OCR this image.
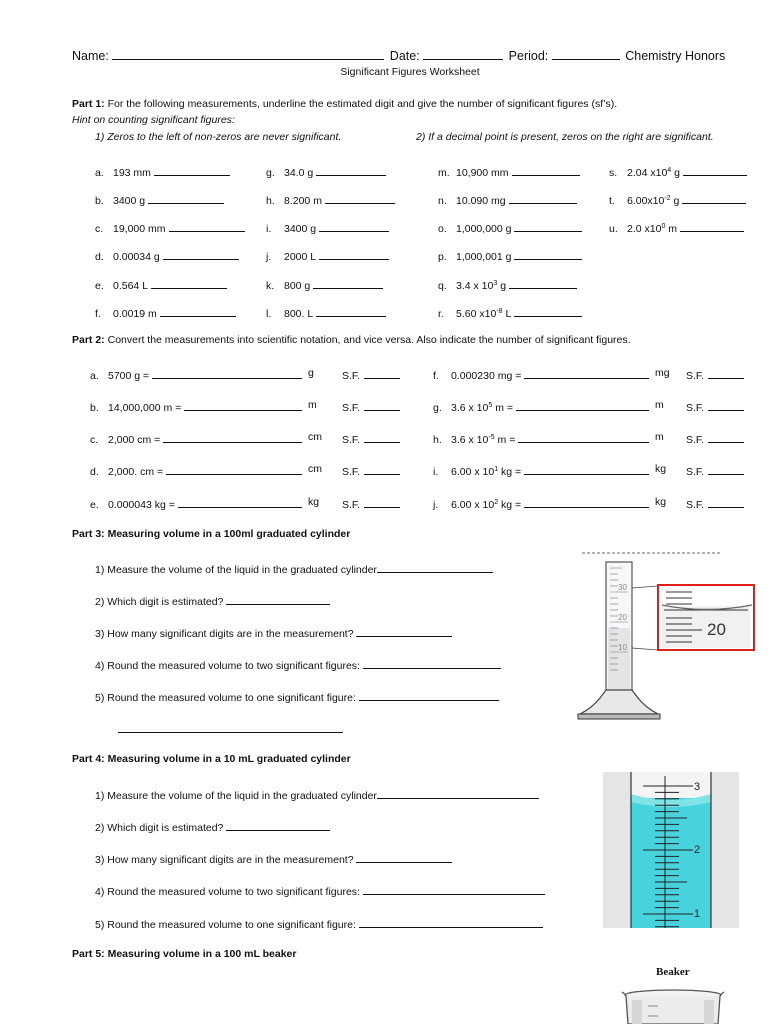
Name:	Date:	Period:	Chemistry Honors
Significant Figures Worksheet
Part 1: For the following measurements, underline the estimated digit and give the number of significant figures (sf’s).
Hint on counting significant figures:
1) Zeros to the left of non-zeros are never significant.	2) If a decimal point is present, zeros on the right are significant.
a. 193 mm
b. 3400 g
c. 19,000 mm
d. 0.00034 g
e. 0.564 L
f. 0.0019 m
g. 34.0 g
h. 8.200 m
i. 3400 g
j. 2000 L
k. 800 g
l. 800. L
m. 10,900 mm
n. 10.090 mg
o. 1,000,000 g
p. 1,000,001 g
q. 3.4 x $10^3$ g
r. 5.60 $x10^{-8}$ L
s. 2.04 $x10^4$ g
t. $6.00x10^{-2}$ g
u. 2.0 $x10^0$ m
Part 2: Convert the measurements into scientific notation, and vice versa. Also indicate the number of significant figures.
a. 5700 g =	g	S.F.
b. 14,000,000 m =	m S.F.
c. 2,000 cm =	cm S.F.
d. 2,000. cm =	cm S.F.
e. 0.000043 kg =	kg S.F.
f. 0.000230 mg =	mg S.F.
g. 3.6 x $10^5$ m =	m S.F.
h. 3.6 x $10^{-5}$ m =	m S.F.
i. 6.00 x $10^1$ kg =	kg S.F.
j. 6.00 x $10^2$ kg =	kg S.F.
Part 3: Measuring volume in a 100ml graduated cylinder
1) Measure the volume of the liquid in the graduated cylinder
2) Which digit is estimated?
3) How many significant digits are in the measurement?
4) Round the measured volume to two significant figures:
5) Round the measured volume to one significant figure:
30
20
10
20
Part 4: Measuring volume in a 10 mL graduated cylinder
1) Measure the volume of the liquid in the graduated cylinder
2) Which digit is estimated?
3) How many significant digits are in the measurement?
4) Round the measured volume to two significant figures:
5) Round the measured volume to one significant figure:
3
2
1
Part 5: Measuring volume in a 100 mL beaker
Beaker
